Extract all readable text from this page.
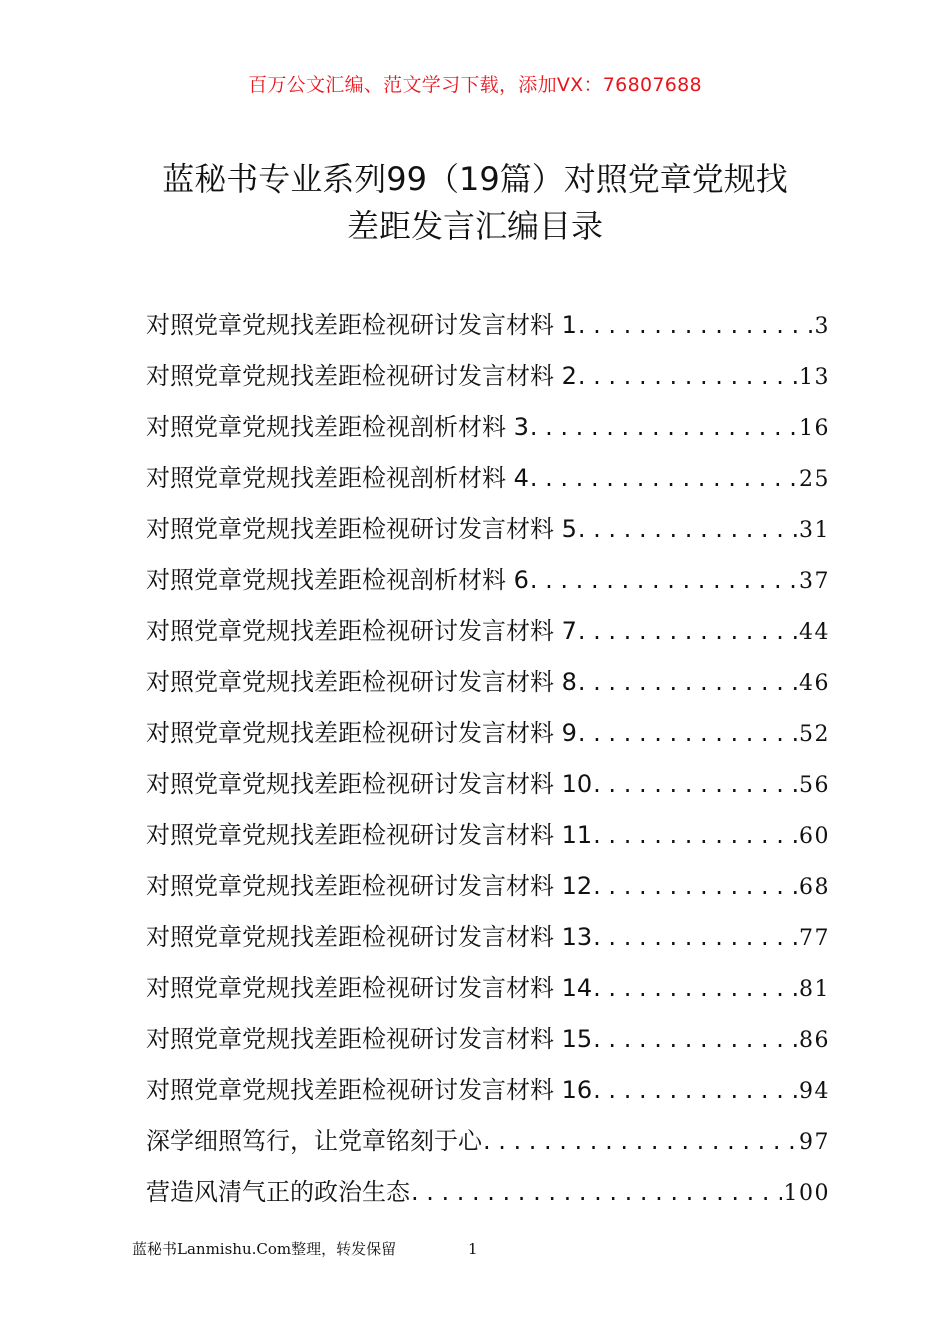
百万公文汇编、范文学习下载，添加VX：76807688
蓝秘书专业系列99（19篇）对照党章党规找
差距发言汇编目录
对照党章党规找差距检视研讨发言材料 1 . . .	3
对照党章党规找差距检视研讨发言材料 2 . . .	13
对照党章党规找差距检视剖析材料 3 . . .	16
对照党章党规找差距检视剖析材料 4 . . .	25
对照党章党规找差距检视研讨发言材料 5 . . .	31
对照党章党规找差距检视剖析材料 6 . . .	37
对照党章党规找差距检视研讨发言材料 7 . . .	44
对照党章党规找差距检视研讨发言材料 8 . . .	46
对照党章党规找差距检视研讨发言材料 9 . . .	52
对照党章党规找差距检视研讨发言材料 10 . . .	56
对照党章党规找差距检视研讨发言材料 11 . . .	60
对照党章党规找差距检视研讨发言材料 12 . . .	68
对照党章党规找差距检视研讨发言材料 13 . . .	77
对照党章党规找差距检视研讨发言材料 14 . . .	81
对照党章党规找差距检视研讨发言材料 15 . . .	86
对照党章党规找差距检视研讨发言材料 16 . . .	94
深学细照笃行，让党章铭刻于心 . . .	97
营造风清气正的政治生态 . . .	100
蓝秘书Lanmishu.Com整理，转发保留	1
